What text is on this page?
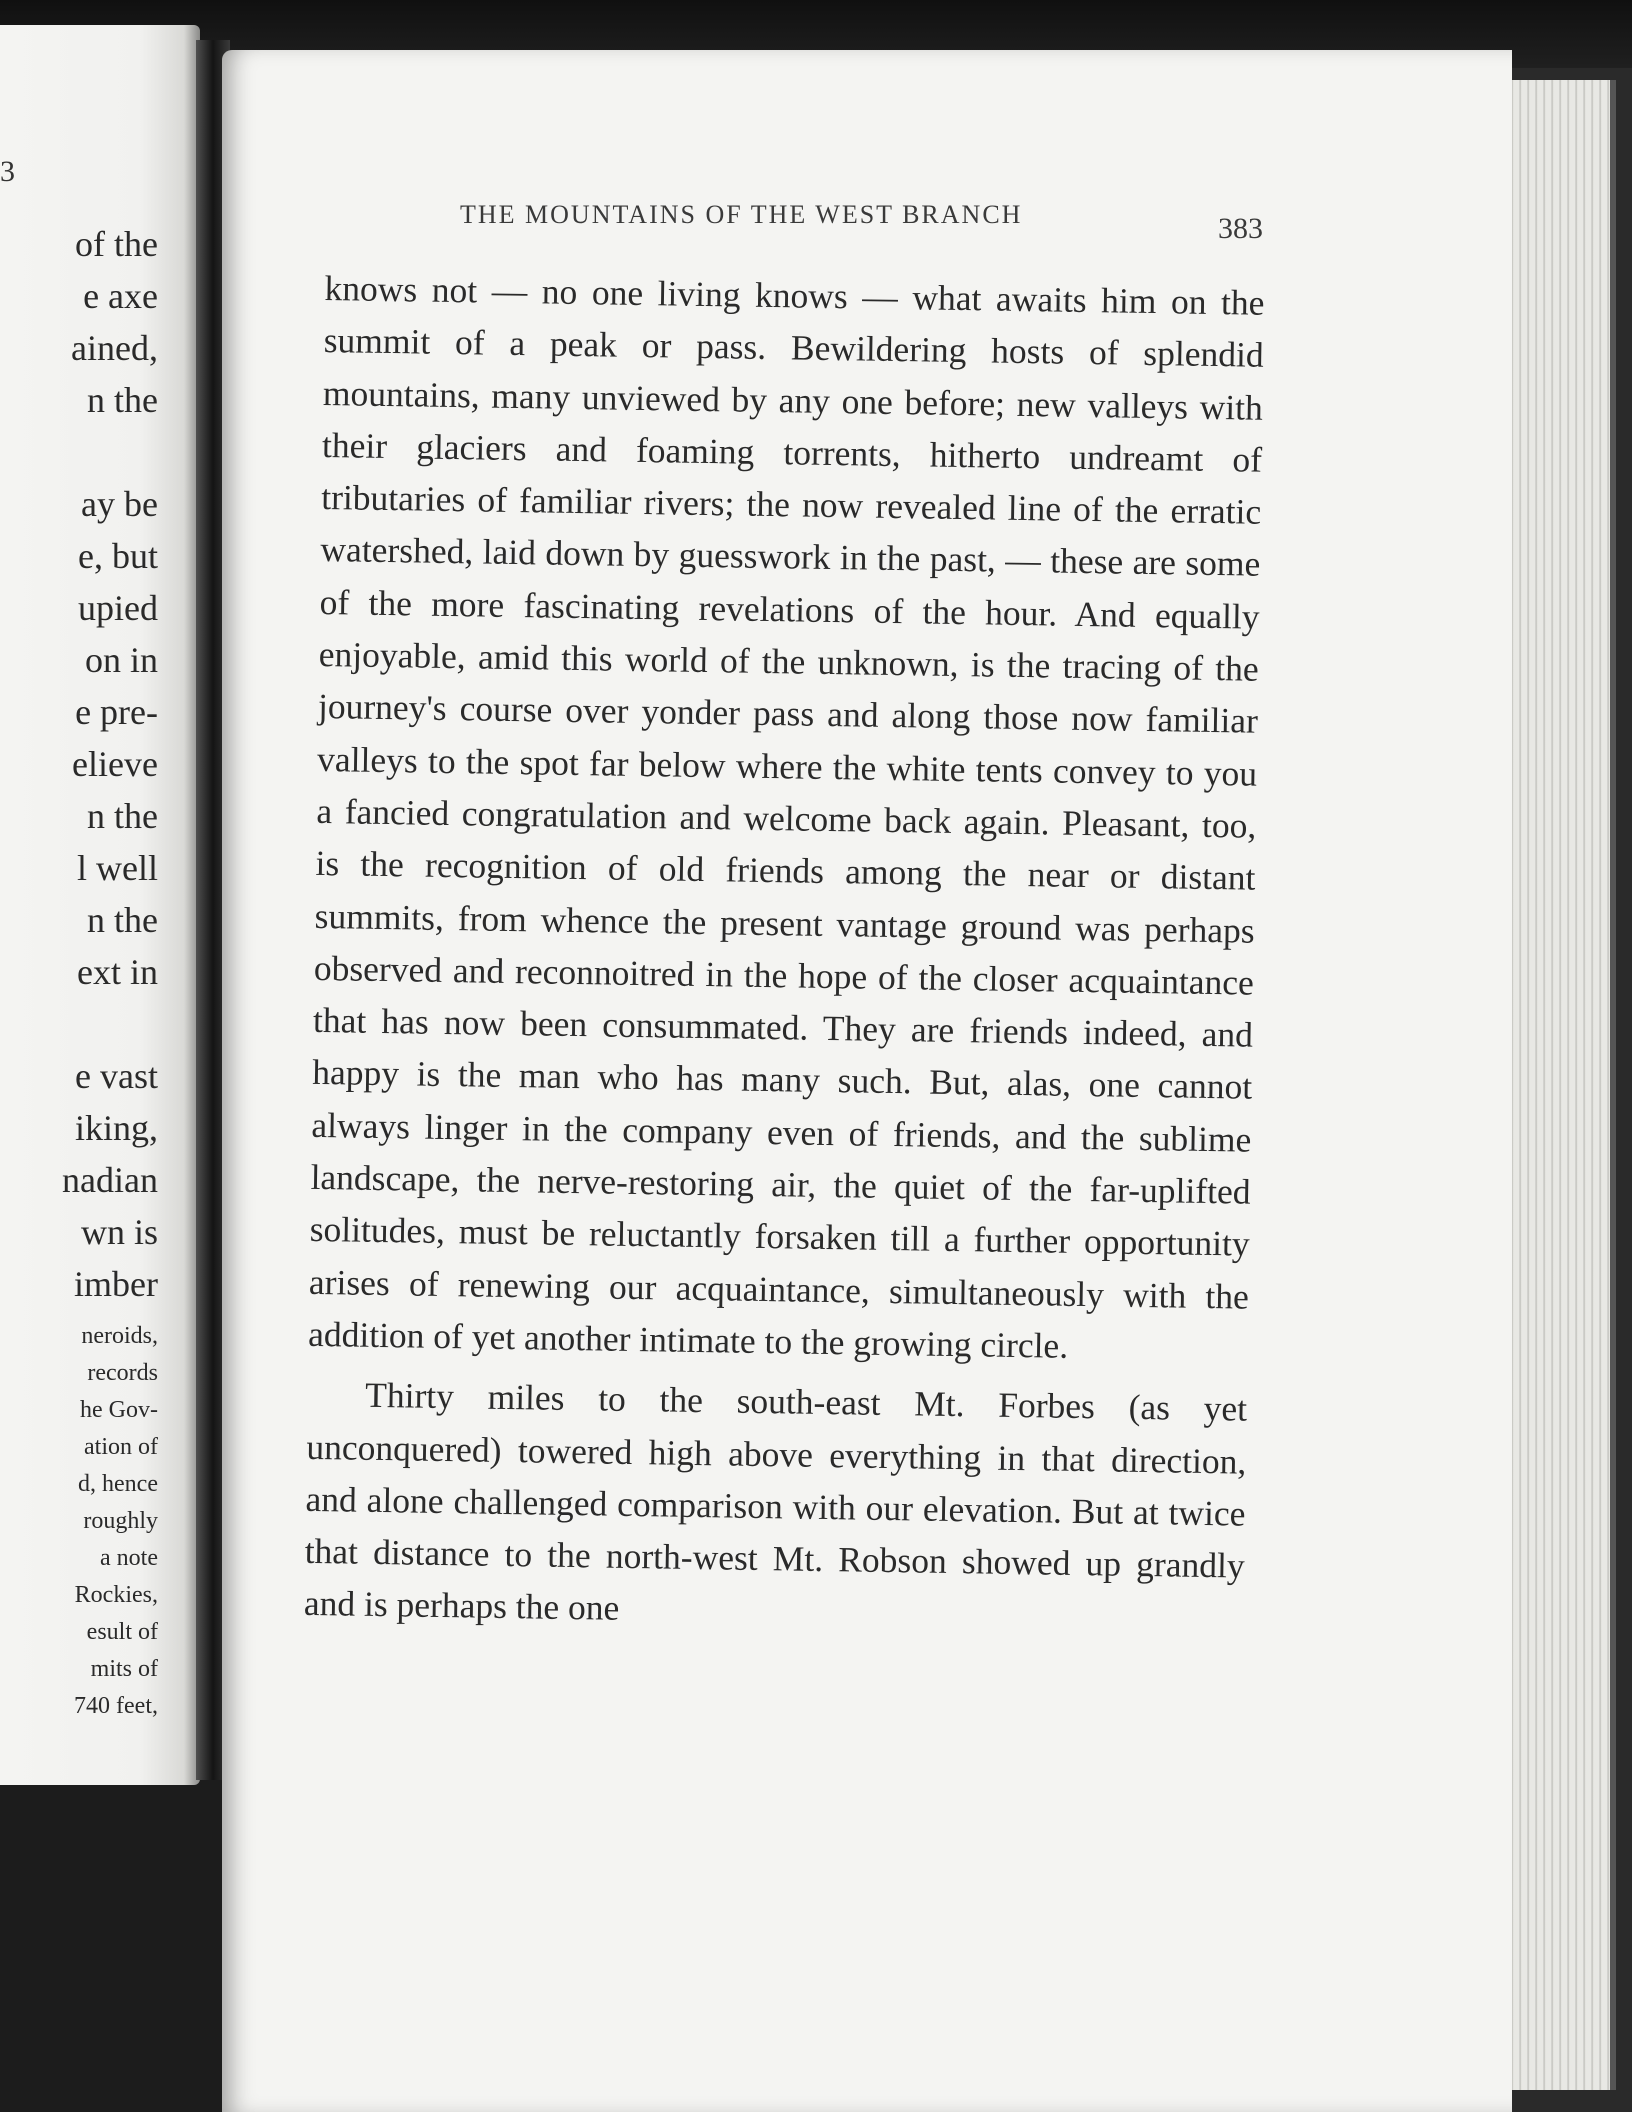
3
of the
e axe
ained,
n the
ay be
e, but
upied
on in
e pre-
elieve
n the
l well
n the
ext in
e vast
iking,
nadian
wn is
imber
neroids,
records
he Gov-
ation of
d, hence
roughly
a note
Rockies,
esult of
mits of
740 feet,
THE MOUNTAINS OF THE WEST BRANCH	383

knows not — no one living knows — what awaits him on the summit of a peak or pass. Bewildering hosts of splendid mountains, many unviewed by any one before; new valleys with their glaciers and foaming torrents, hitherto undreamt of tributaries of familiar rivers; the now revealed line of the erratic watershed, laid down by guesswork in the past, — these are some of the more fascinating revelations of the hour. And equally enjoyable, amid this world of the unknown, is the tracing of the journey's course over yonder pass and along those now familiar valleys to the spot far below where the white tents convey to you a fancied congratulation and welcome back again. Pleasant, too, is the recognition of old friends among the near or distant summits, from whence the present vantage ground was perhaps observed and reconnoitred in the hope of the closer acquaintance that has now been consummated. They are friends indeed, and happy is the man who has many such. But, alas, one cannot always linger in the company even of friends, and the sublime landscape, the nerve-restoring air, the quiet of the far-uplifted solitudes, must be reluctantly forsaken till a further opportunity arises of renewing our acquaintance, simultaneously with the addition of yet another intimate to the growing circle.

Thirty miles to the south-east Mt. Forbes (as yet unconquered) towered high above everything in that direction, and alone challenged comparison with our elevation. But at twice that distance to the north-west Mt. Robson showed up grandly and is perhaps the one
